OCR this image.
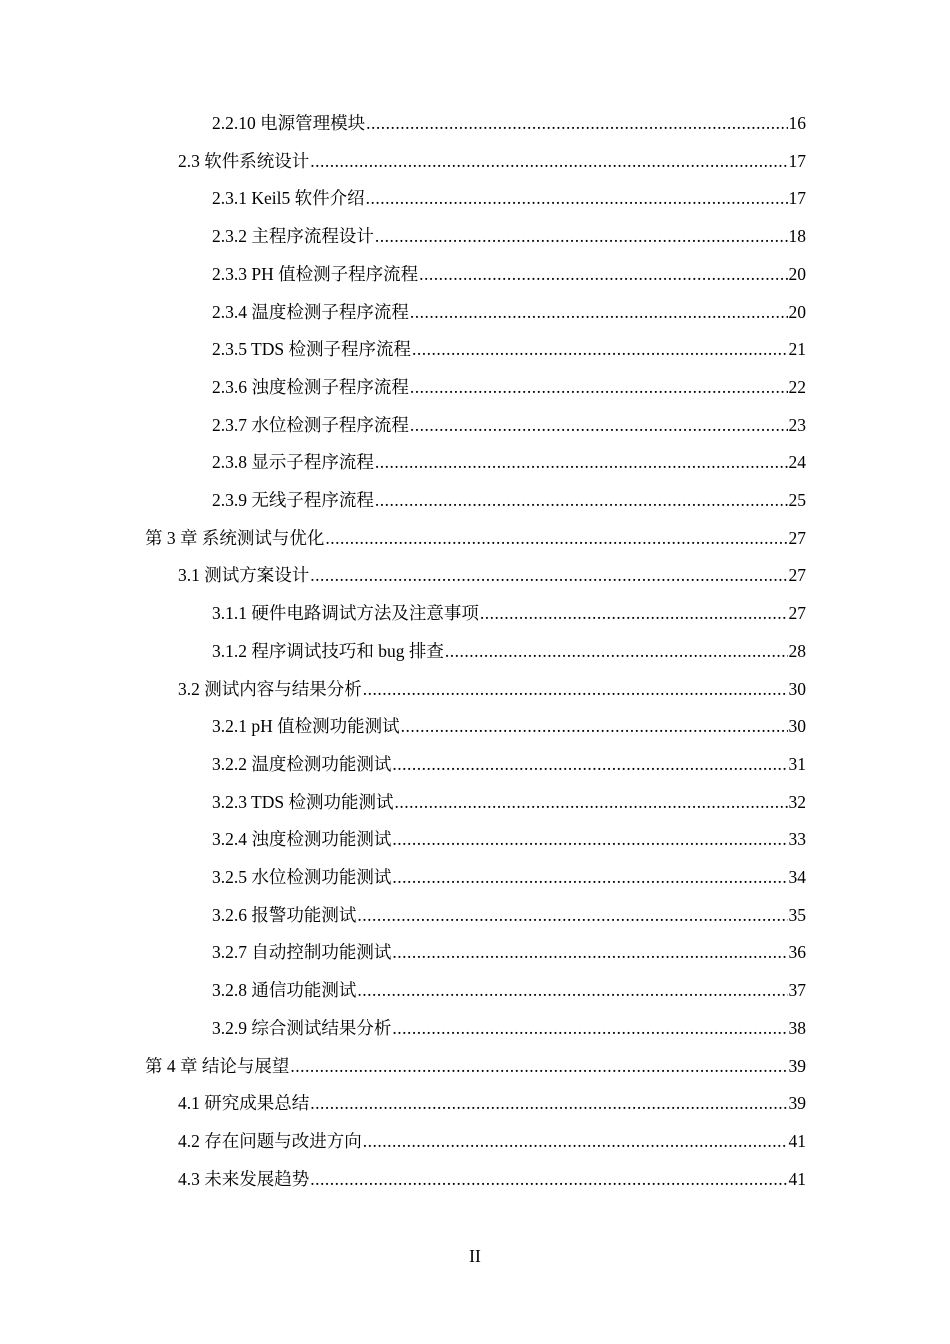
2.2.10 电源管理模块 .....	16
2.3 软件系统设计 .....	17
2.3.1 Keil5 软件介绍 .....	17
2.3.2 主程序流程设计 .....	18
2.3.3 PH 值检测子程序流程 .....	20
2.3.4 温度检测子程序流程 .....	20
2.3.5 TDS 检测子程序流程 .....	21
2.3.6 浊度检测子程序流程 .....	22
2.3.7 水位检测子程序流程 .....	23
2.3.8 显示子程序流程 .....	24
2.3.9 无线子程序流程 .....	25
第 3 章 系统测试与优化 .....	27
3.1 测试方案设计 .....	27
3.1.1 硬件电路调试方法及注意事项 .....	27
3.1.2 程序调试技巧和 bug 排查 .....	28
3.2 测试内容与结果分析 .....	30
3.2.1 pH 值检测功能测试 .....	30
3.2.2 温度检测功能测试 .....	31
3.2.3 TDS 检测功能测试 .....	32
3.2.4 浊度检测功能测试 .....	33
3.2.5 水位检测功能测试 .....	34
3.2.6 报警功能测试 .....	35
3.2.7 自动控制功能测试 .....	36
3.2.8 通信功能测试 .....	37
3.2.9 综合测试结果分析 .....	38
第 4 章 结论与展望 .....	39
4.1 研究成果总结 .....	39
4.2 存在问题与改进方向 .....	41
4.3 未来发展趋势 .....	41
II
